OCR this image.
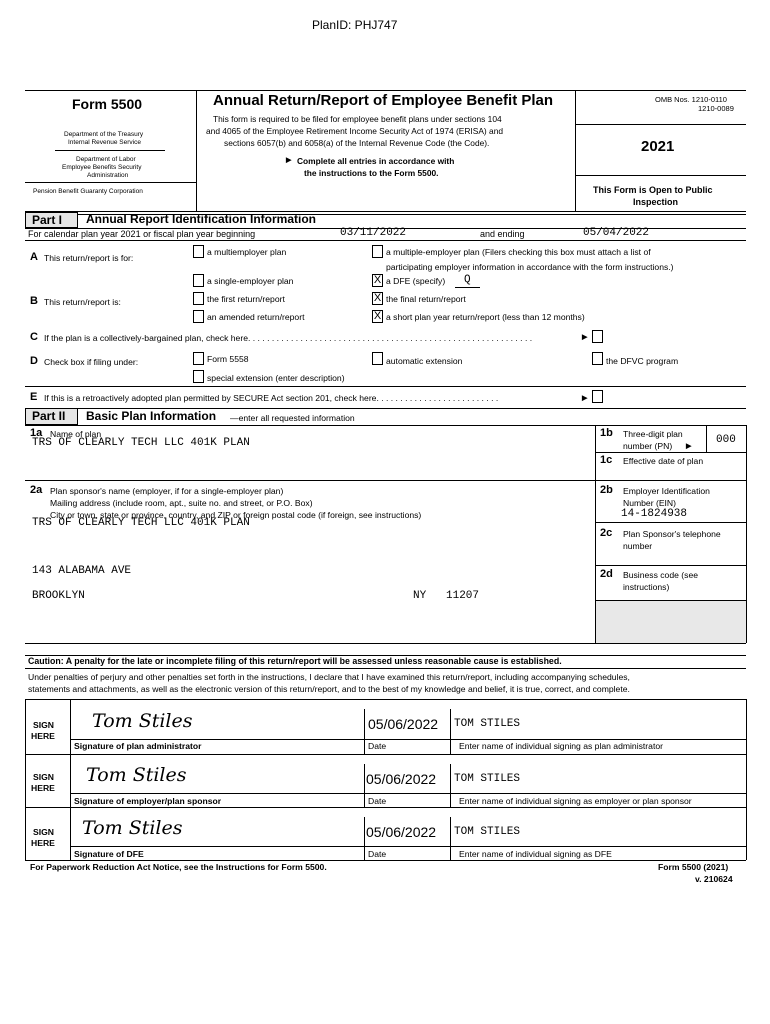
PlanID: PHJ747
Form 5500
Department of the Treasury
Internal Revenue Service
Department of Labor
Employee Benefits Security
Administration
Pension Benefit Guaranty Corporation
Annual Return/Report of Employee Benefit Plan
This form is required to be filed for employee benefit plans under sections 104
and 4065 of the Employee Retirement Income Security Act of 1974 (ERISA) and
sections 6057(b) and 6058(a) of the Internal Revenue Code (the Code).
▶ Complete all entries in accordance with
the instructions to the Form 5500.
OMB Nos. 1210-0110
1210-0089
2021
This Form is Open to Public
Inspection
Part I	Annual Report Identification Information
For calendar plan year 2021 or fiscal plan year beginning	03/11/2022	and ending	05/04/2022
A This return/report is for:
a multiemployer plan	a multiple-employer plan (Filers checking this box must attach a list of
participating employer information in accordance with the form instructions.)
a single-employer plan	X a DFE (specify) Q
B This return/report is:	the first return/report	X the final return/report
an amended return/report	X a short plan year return/report (less than 12 months)
C If the plan is a collectively-bargained plan, check here. . . . . . . . . . . . . . . . . . . . . . . . . . . . . . . . . . . . . . . . . . . . . . . . . . . . . . . . . . . .	▶
D Check box if filing under:	Form 5558	automatic extension	the DFVC program
special extension (enter description)
E If this is a retroactively adopted plan permitted by SECURE Act section 201, check here. . . . . . . . . . . . . . . . . . . . . . . . . .	▶
Part II	Basic Plan Information —enter all requested information
1a Name of plan
TRS OF CLEARLY TECH LLC 401K PLAN
1b Three-digit plan
number (PN) ▶
000
1c Effective date of plan
2a Plan sponsor's name (employer, if for a single-employer plan)
Mailing address (include room, apt., suite no. and street, or P.O. Box)
City or town, state or province, country, and ZIP or foreign postal code (if foreign, see instructions)
TRS OF CLEARLY TECH LLC 401K PLAN
143 ALABAMA AVE
BROOKLYN	NY 11207
2b Employer Identification
Number (EIN)
14-1824938
2c Plan Sponsor's telephone
number
2d Business code (see
instructions)
Caution: A penalty for the late or incomplete filing of this return/report will be assessed unless reasonable cause is established.
Under penalties of perjury and other penalties set forth in the instructions, I declare that I have examined this return/report, including accompanying schedules,
statements and attachments, as well as the electronic version of this return/report, and to the best of my knowledge and belief, it is true, correct, and complete.
SIGN
HERE
Tom Stiles	05/06/2022 TOM STILES
Signature of plan administrator	Date	Enter name of individual signing as plan administrator
SIGN
HERE
Tom Stiles	05/06/2022 TOM STILES
Signature of employer/plan sponsor	Date	Enter name of individual signing as employer or plan sponsor
SIGN
HERE
Tom Stiles	05/06/2022 TOM STILES
Signature of DFE	Date	Enter name of individual signing as DFE
For Paperwork Reduction Act Notice, see the Instructions for Form 5500.	Form 5500 (2021)
v. 210624
